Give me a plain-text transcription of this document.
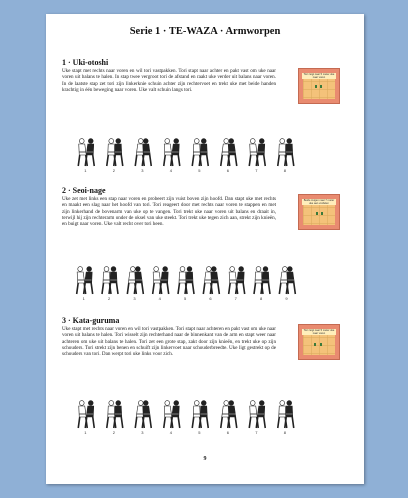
Serie 1 · TE-WAZA · Armworpen
1 · Uki-otoshi
Uke stapt met rechts naar voren en wil tori vastpakken. Tori stapt naar achter en pakt vast om uke naar voren uit balans te halen. In stap twee vergroot tori de afstand en raakt uke verder uit balans naar voren. In de laatste stap zet tori zijn linkerknie schuin achter zijn rechtervoet en trekt uke met beide handen krachtig in één beweging naar voren. Uke valt schuin langs tori.
Tori zeigt naar 5 meter uke naar voren
1	2	3	4	5	6	7	8
2 · Seoi-nage
Uke zet met links een stap naar voren en probeert zijn vuist boven zijn hoofd. Dan stapt uke met rechts en maakt een slag naar het hoofd van tori. Tori reageert door met rechts naar voren te stappen en met zijn linkerhand de bovenarm van uke op te vangen. Tori trekt uke naar voren uit balans en draait in, terwijl hij zijn rechterarm onder de oksel van uke steekt. Tori trekt uke tegen zich aan, strekt zijn knieën, en buigt naar voren. Uke valt recht over tori heen.
Beide zeigen naar 7 meter uke aan vordelen
1	2	3	4	5	6	7	8	9
3 · Kata-guruma
Uke stapt met rechts naar voren en wil tori vastpakken. Tori stapt naar achteren en pakt vast om uke naar voren uit balans te halen. Tori wisselt zijn rechterhand naar de binnenkant van de arm en stapt weer naar achteren om uke uit balans te halen. Tori zet een grote stap, zakt door zijn knieën, en trekt uke op zijn schouders. Tori strekt zijn benen en schuift zijn linkervoet naar schouderbreedte. Uke ligt gestrekt op de schouders van tori. Dan werpt tori uke links voor zich.
Tori zeigt naar 5 meter uke naar voren
1	2	3	4	5	6	7	8
9
